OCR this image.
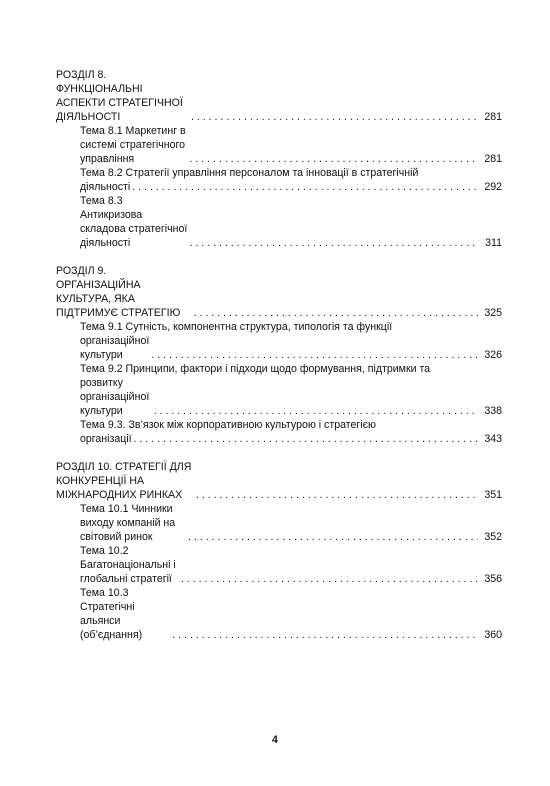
РОЗДІЛ 8. ФУНКЦІОНАЛЬНІ АСПЕКТИ СТРАТЕГІЧНОЇ ДІЯЛЬНОСТІ . . .	281
Тема 8.1 Маркетинг в системі стратегічного управління . . .	281
Тема 8.2 Стратегії управління персоналом та інновації в стратегічній
діяльності . . .	292
Тема 8.3 Антикризова складова стратегічної діяльності . . .	311
РОЗДІЛ 9. ОРГАНІЗАЦІЙНА КУЛЬТУРА, ЯКА ПІДТРИМУЄ СТРАТЕГІЮ . . .	325
Тема 9.1 Сутність, компонентна структура, типологія та функції
організаційної культури . . .	326
Тема 9.2 Принципи, фактори і підходи щодо формування, підтримки та
розвитку організаційної культури . . .	338
Тема 9.3. Зв’язок між корпоративною культурою і стратегією
організації . . .	343
РОЗДІЛ 10. СТРАТЕГІЇ ДЛЯ КОНКУРЕНЦІЇ НА МІЖНАРОДНИХ РИНКАХ . . .	351
Тема 10.1 Чинники виходу компаній на світовий ринок . . .	352
Тема 10.2 Багатонаціональні і глобальні стратегії . . .	356
Тема 10.3 Стратегічні альянси (об’єднання) . . .	360
4
